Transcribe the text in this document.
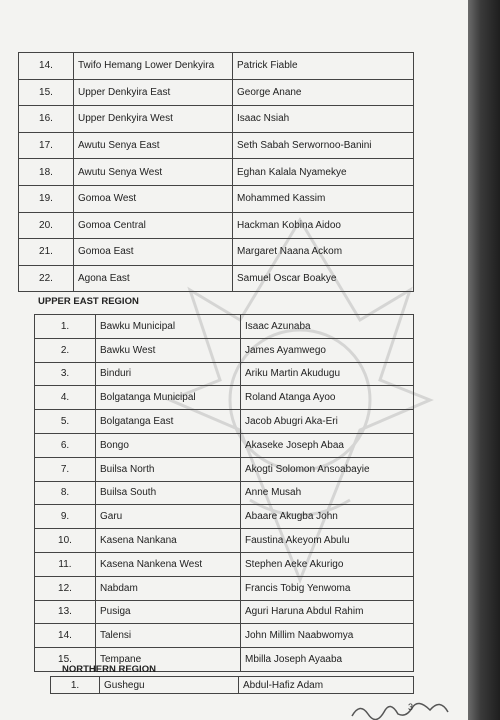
14.	Twifo Hemang Lower Denkyira	Patrick Fiable
15.	Upper Denkyira East	George Anane
16.	Upper Denkyira West	Isaac Nsiah
17.	Awutu Senya East	Seth Sabah Serwornoo-Banini
18.	Awutu Senya West	Eghan Kalala Nyamekye
19.	Gomoa West	Mohammed Kassim
20.	Gomoa Central	Hackman Kobina Aidoo
21.	Gomoa East	Margaret Naana Ackom
22.	Agona East	Samuel Oscar Boakye
UPPER EAST REGION
1.	Bawku Municipal	Isaac Azunaba
2.	Bawku West	James Ayamwego
3.	Binduri	Ariku Martin Akudugu
4.	Bolgatanga Municipal	Roland Atanga Ayoo
5.	Bolgatanga East	Jacob Abugri Aka-Eri
6.	Bongo	Akaseke Joseph Abaa
7.	Builsa North	Akogti Solomon Ansoabayie
8.	Builsa South	Anne Musah
9.	Garu	Abaare Akugba John
10.	Kasena Nankana	Faustina Akeyom Abulu
11.	Kasena Nankena West	Stephen Aeke Akurigo
12.	Nabdam	Francis Tobig Yenwoma
13.	Pusiga	Aguri Haruna Abdul Rahim
14.	Talensi	John Millim Naabwomya
15.	Tempane	Mbilla Joseph Ayaaba
NORTHERN REGION
1.	Gushegu	Abdul-Hafiz Adam
3
